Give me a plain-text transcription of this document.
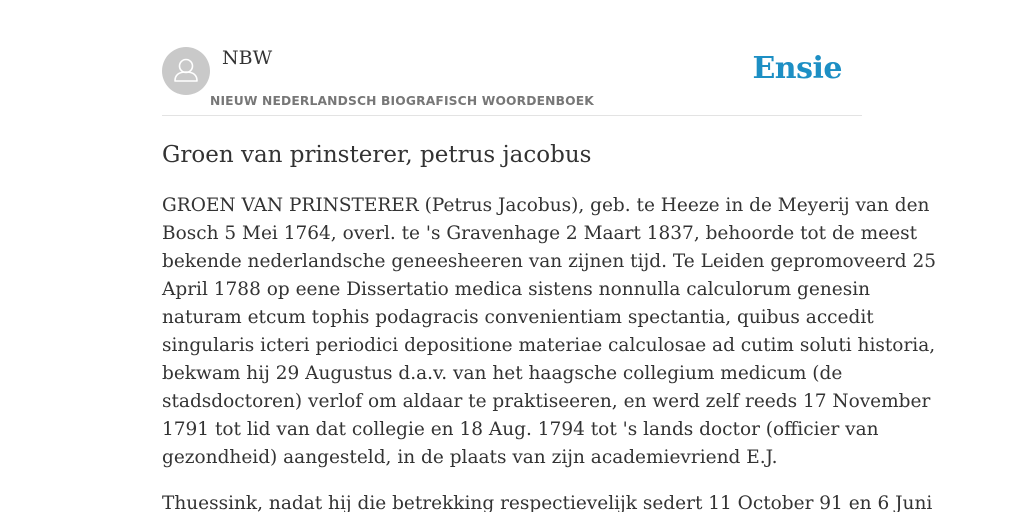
NBW
NIEUW NEDERLANDSCH BIOGRAFISCH WOORDENBOEK
Ensie
Groen van prinsterer, petrus jacobus

GROEN VAN PRINSTERER (Petrus Jacobus), geb. te Heeze in de Meyerij van den
Bosch 5 Mei 1764, overl. te 's Gravenhage 2 Maart 1837, behoorde tot de meest
bekende nederlandsche geneesheeren van zijnen tijd. Te Leiden gepromoveerd 25
April 1788 op eene Dissertatio medica sistens nonnulla calculorum genesin
naturam etcum tophis podagracis convenientiam spectantia, quibus accedit
singularis icteri periodici depositione materiae calculosae ad cutim soluti historia,
bekwam hij 29 Augustus d.a.v. van het haagsche collegium medicum (de
stadsdoctoren) verlof om aldaar te praktiseeren, en werd zelf reeds 17 November
1791 tot lid van dat collegie en 18 Aug. 1794 tot 's lands doctor (officier van
gezondheid) aangesteld, in de plaats van zijn academievriend E.J.

Thuessink, nadat hij die betrekking respectievelijk sedert 11 October 91 en 6 Juni
